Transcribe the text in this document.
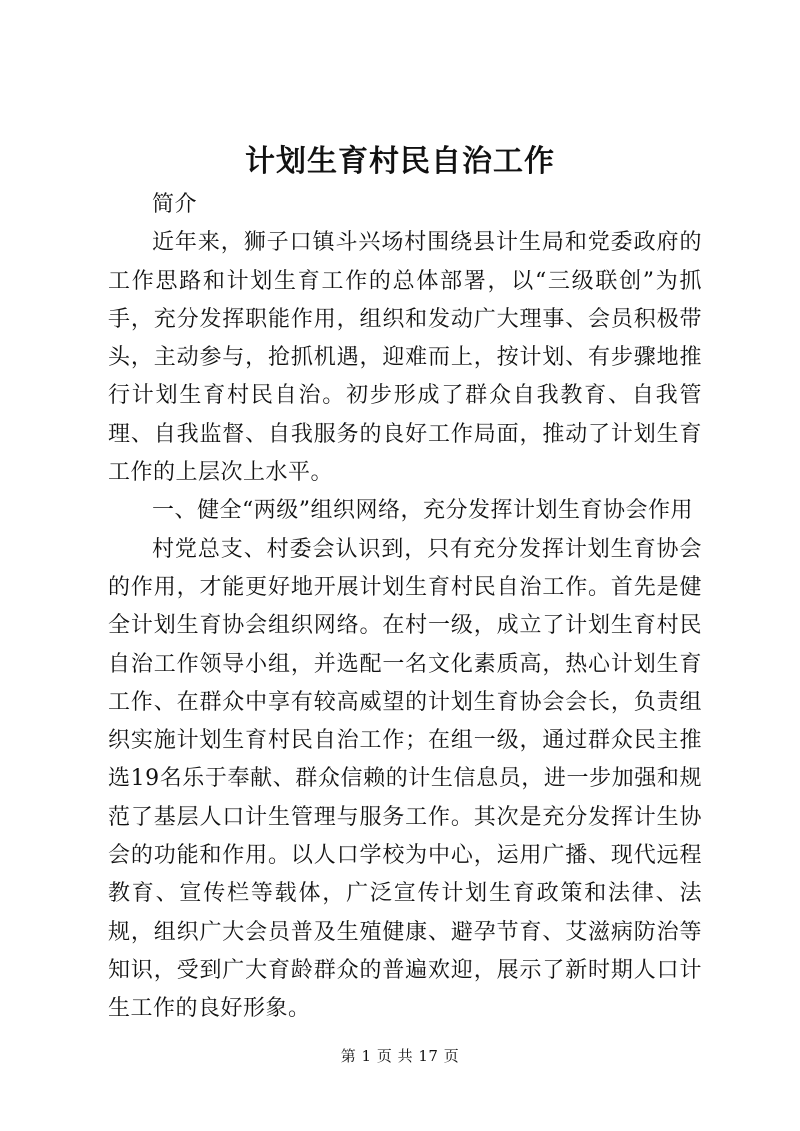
计划生育村民自治工作

简介

近年来，狮子口镇斗兴场村围绕县计生局和党委政府的工作思路和计划生育工作的总体部署，以“三级联创”为抓手，充分发挥职能作用，组织和发动广大理事、会员积极带头，主动参与，抢抓机遇，迎难而上，按计划、有步骤地推行计划生育村民自治。初步形成了群众自我教育、自我管理、自我监督、自我服务的良好工作局面，推动了计划生育工作的上层次上水平。

一、健全“两级”组织网络，充分发挥计划生育协会作用

村党总支、村委会认识到，只有充分发挥计划生育协会的作用，才能更好地开展计划生育村民自治工作。首先是健全计划生育协会组织网络。在村一级，成立了计划生育村民自治工作领导小组，并选配一名文化素质高，热心计划生育工作、在群众中享有较高威望的计划生育协会会长，负责组织实施计划生育村民自治工作；在组一级，通过群众民主推选19名乐于奉献、群众信赖的计生信息员，进一步加强和规范了基层人口计生管理与服务工作。其次是充分发挥计生协会的功能和作用。以人口学校为中心，运用广播、现代远程教育、宣传栏等载体，广泛宣传计划生育政策和法律、法规，组织广大会员普及生殖健康、避孕节育、艾滋病防治等知识，受到广大育龄群众的普遍欢迎，展示了新时期人口计生工作的良好形象。

第 1 页 共 17 页
